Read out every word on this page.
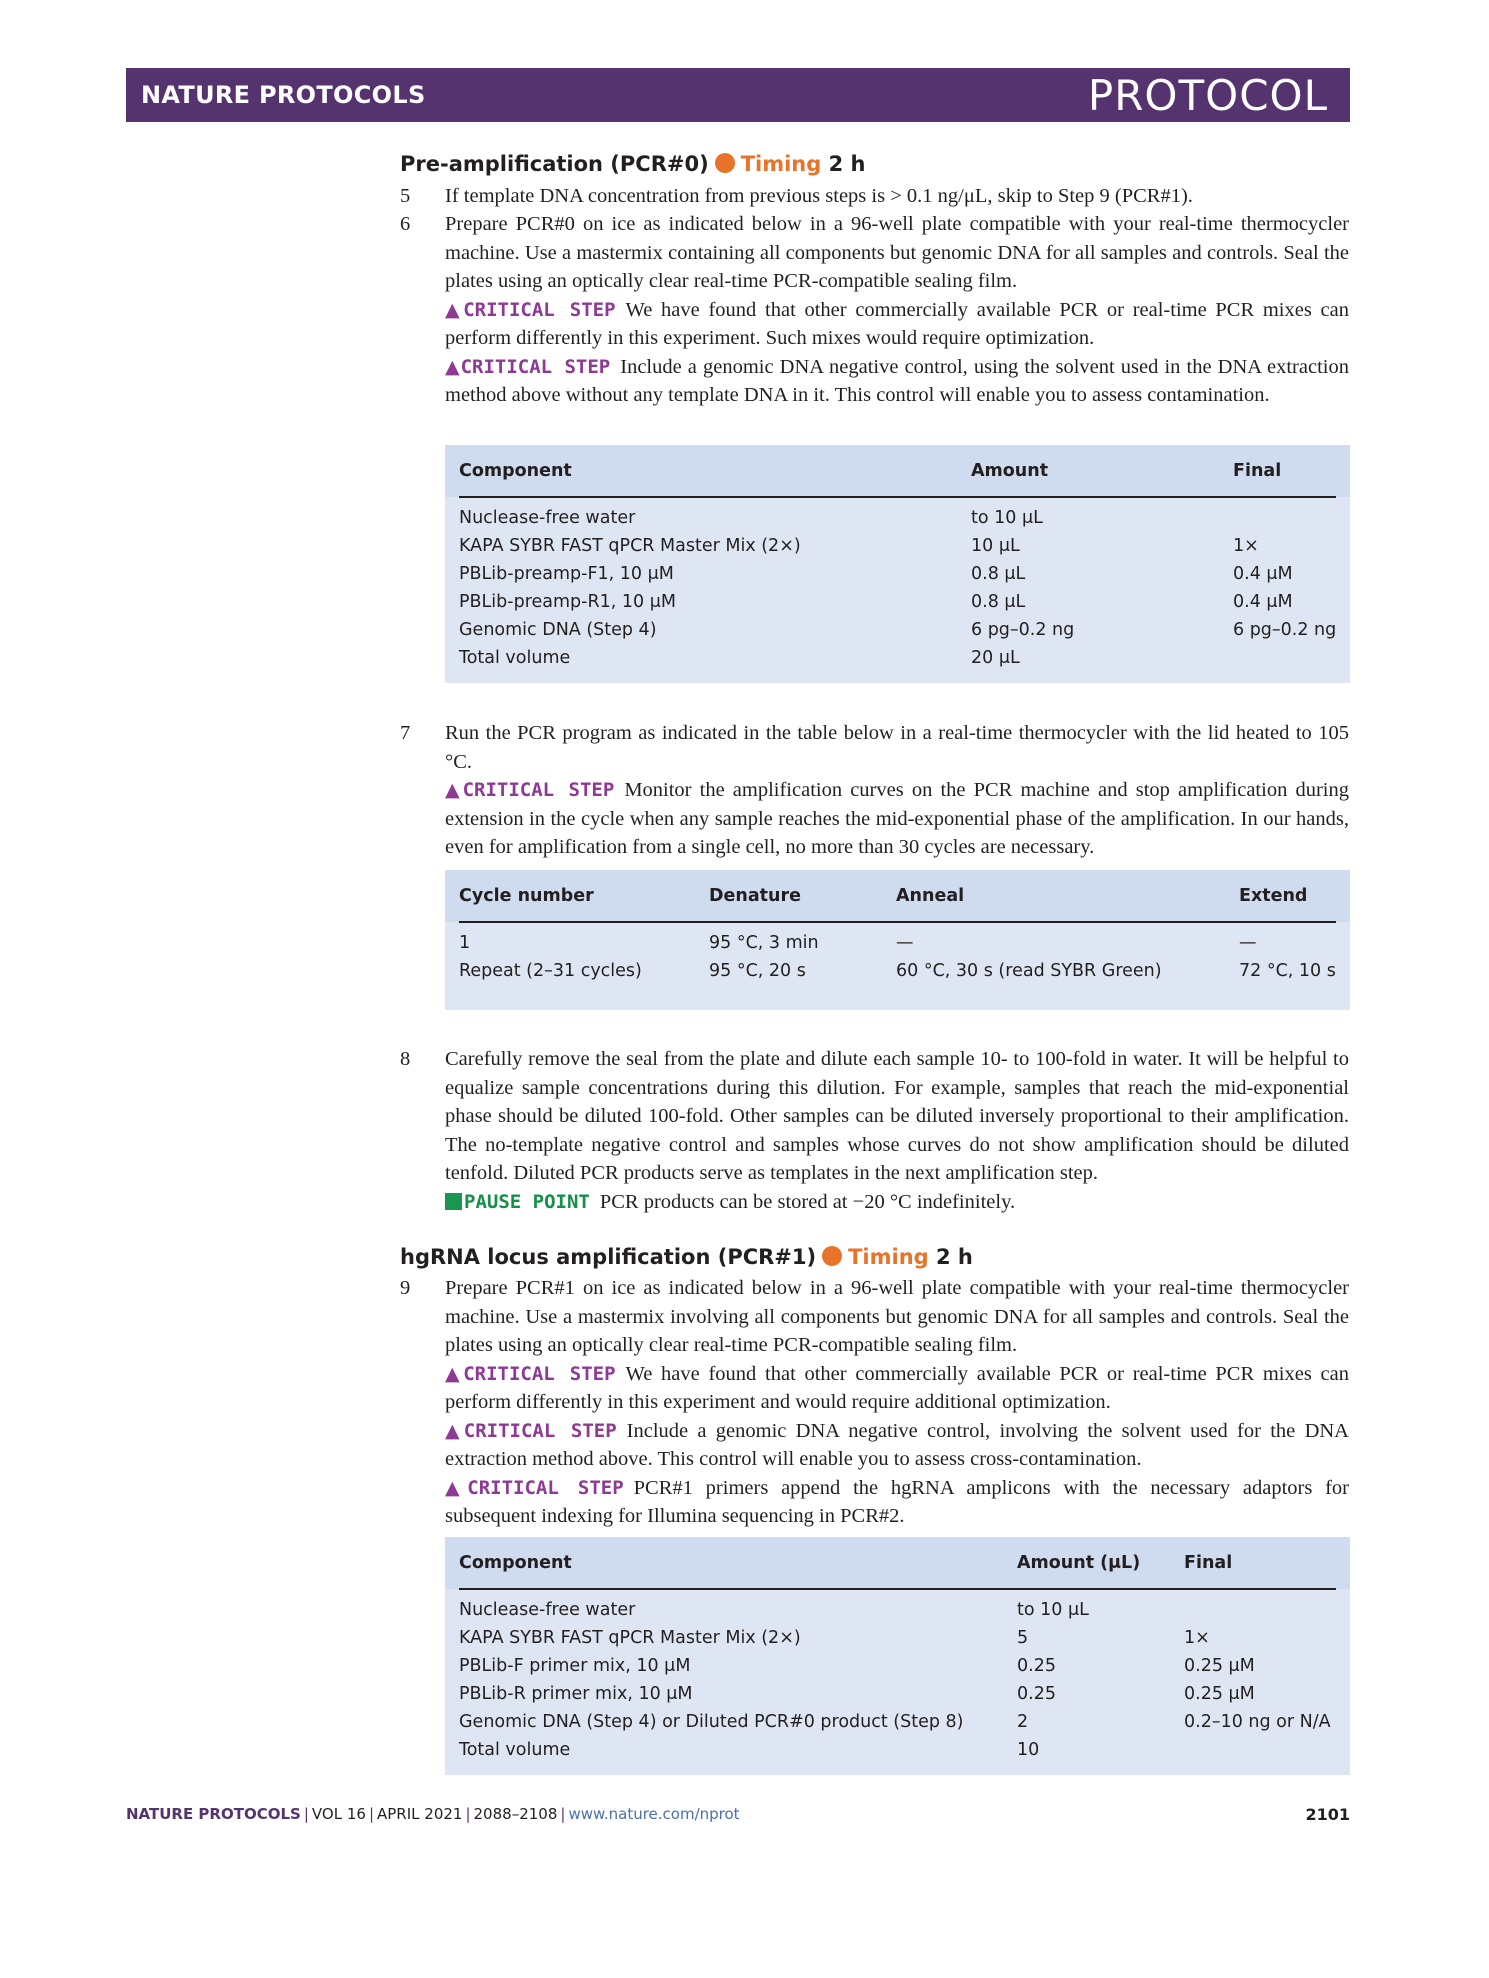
NATURE PROTOCOLS	PROTOCOL
Pre-amplification (PCR#0) Timing 2 h
5 If template DNA concentration from previous steps is > 0.1 ng/μL, skip to Step 9 (PCR#1).

6 Prepare PCR#0 on ice as indicated below in a 96-well plate compatible with your real-time thermocycler machine. Use a mastermix containing all components but genomic DNA for all samples and controls. Seal the plates using an optically clear real-time PCR-compatible sealing film.

▲CRITICAL STEP We have found that other commercially available PCR or real-time PCR mixes can perform differently in this experiment. Such mixes would require optimization.

▲CRITICAL STEP Include a genomic DNA negative control, using the solvent used in the DNA extraction method above without any template DNA in it. This control will enable you to assess contamination.

Component	Amount	Final
Nuclease-free water	to 10 μL
KAPA SYBR FAST qPCR Master Mix (2×)	10 μL	1×
PBLib-preamp-F1, 10 μM	0.8 μL	0.4 μM
PBLib-preamp-R1, 10 μM	0.8 μL	0.4 μM
Genomic DNA (Step 4)	6 pg–0.2 ng	6 pg–0.2 ng
Total volume	20 μL
7 Run the PCR program as indicated in the table below in a real-time thermocycler with the lid heated to 105 °C.

▲CRITICAL STEP Monitor the amplification curves on the PCR machine and stop amplification during extension in the cycle when any sample reaches the mid-exponential phase of the amplification. In our hands, even for amplification from a single cell, no more than 30 cycles are necessary.

Cycle number	Denature	Anneal	Extend
1	95 °C, 3 min	—	—
Repeat (2–31 cycles)	95 °C, 20 s	60 °C, 30 s (read SYBR Green)	72 °C, 10 s
8 Carefully remove the seal from the plate and dilute each sample 10- to 100-fold in water. It will be helpful to equalize sample concentrations during this dilution. For example, samples that reach the mid-exponential phase should be diluted 100-fold. Other samples can be diluted inversely proportional to their amplification. The no-template negative control and samples whose curves do not show amplification should be diluted tenfold. Diluted PCR products serve as templates in the next amplification step.

PAUSE POINT PCR products can be stored at −20 °C indefinitely.

hgRNA locus amplification (PCR#1) Timing 2 h
9 Prepare PCR#1 on ice as indicated below in a 96-well plate compatible with your real-time thermocycler machine. Use a mastermix involving all components but genomic DNA for all samples and controls. Seal the plates using an optically clear real-time PCR-compatible sealing film.

▲CRITICAL STEP We have found that other commercially available PCR or real-time PCR mixes can perform differently in this experiment and would require additional optimization.

▲CRITICAL STEP Include a genomic DNA negative control, involving the solvent used for the DNA extraction method above. This control will enable you to assess cross-contamination.

▲CRITICAL STEP PCR#1 primers append the hgRNA amplicons with the necessary adaptors for subsequent indexing for Illumina sequencing in PCR#2.

Component	Amount (μL)	Final
Nuclease-free water	to 10 μL
KAPA SYBR FAST qPCR Master Mix (2×)	5	1×
PBLib-F primer mix, 10 μM	0.25	0.25 μM
PBLib-R primer mix, 10 μM	0.25	0.25 μM
Genomic DNA (Step 4) or Diluted PCR#0 product (Step 8)	2	0.2–10 ng or N/A
Total volume	10
NATURE PROTOCOLS | VOL 16 | APRIL 2021 | 2088–2108 | www.nature.com/nprot	2101
